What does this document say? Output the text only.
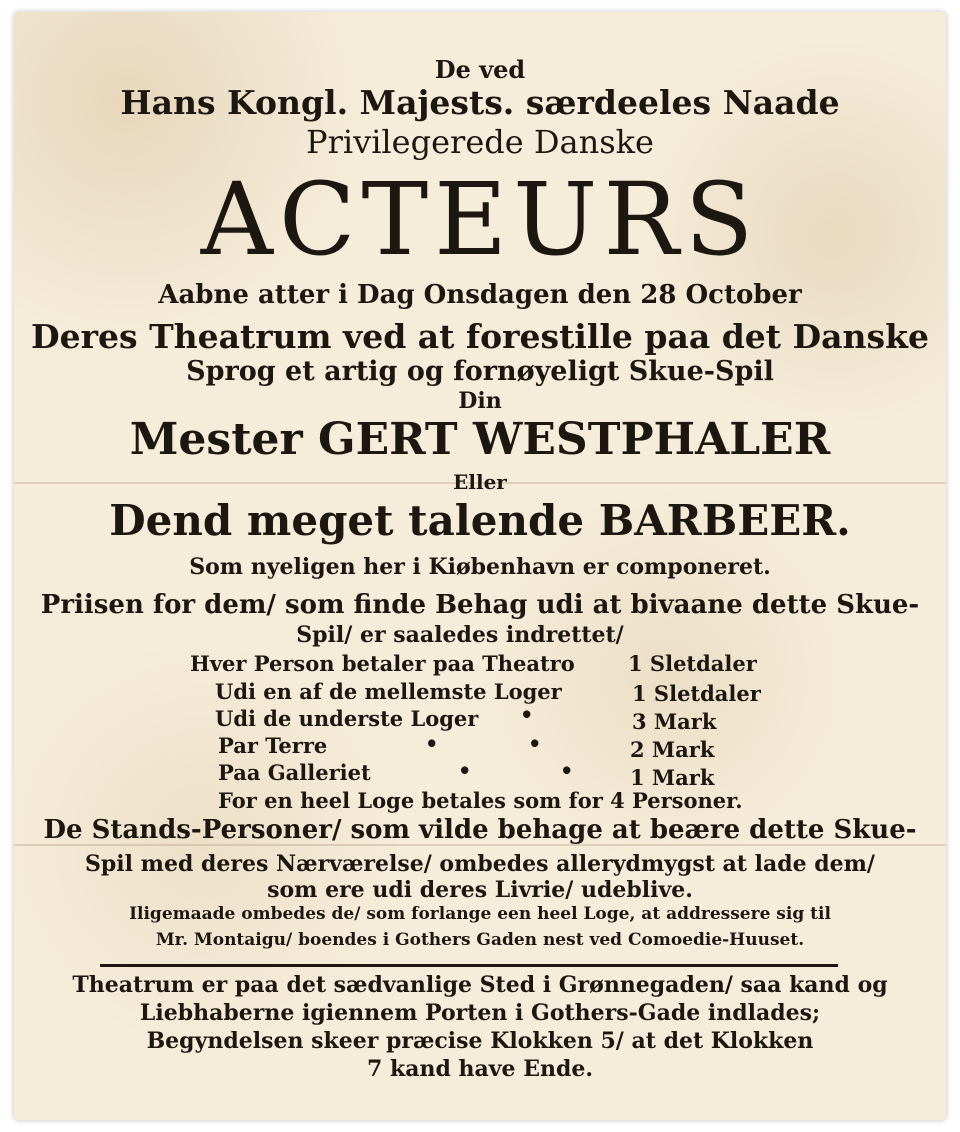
De ved
Hans Kongl. Majests. særdeeles Naade
Privilegerede Danske
ACTEURS
Aabne atter i Dag Onsdagen den 28 October
Deres Theatrum ved at forestille paa det Danske
Sprog et artig og fornøyeligt Skue-Spil
Din
Mester GERT WESTPHALER
Eller
Dend meget talende BARBEER.
Som nyeligen her i Kiøbenhavn er componeret.
Priisen for dem/ som finde Behag udi at bivaane dette Skue-
Spil/ er saaledes indrettet/
Hver Person betaler paa Theatro	1 Sletdaler
Udi en af de mellemste Loger	1 Sletdaler
Udi de underste Loger •	3 Mark
Par Terre	•	•	2 Mark
Paa Galleriet	•	•	1 Mark
For en heel Loge betales som for 4 Personer.
De Stands-Personer/ som vilde behage at beære dette Skue-
Spil med deres Nærværelse/ ombedes allerydmygst at lade dem/
som ere udi deres Livrie/ udeblive.
Iligemaade ombedes de/ som forlange een heel Loge, at addressere sig til
Mr. Montaigu/ boendes i Gothers Gaden nest ved Comoedie-Huuset.
Theatrum er paa det sædvanlige Sted i Grønnegaden/ saa kand og
Liebhaberne igiennem Porten i Gothers-Gade indlades;
Begyndelsen skeer præcise Klokken 5/ at det Klokken
7 kand have Ende.
